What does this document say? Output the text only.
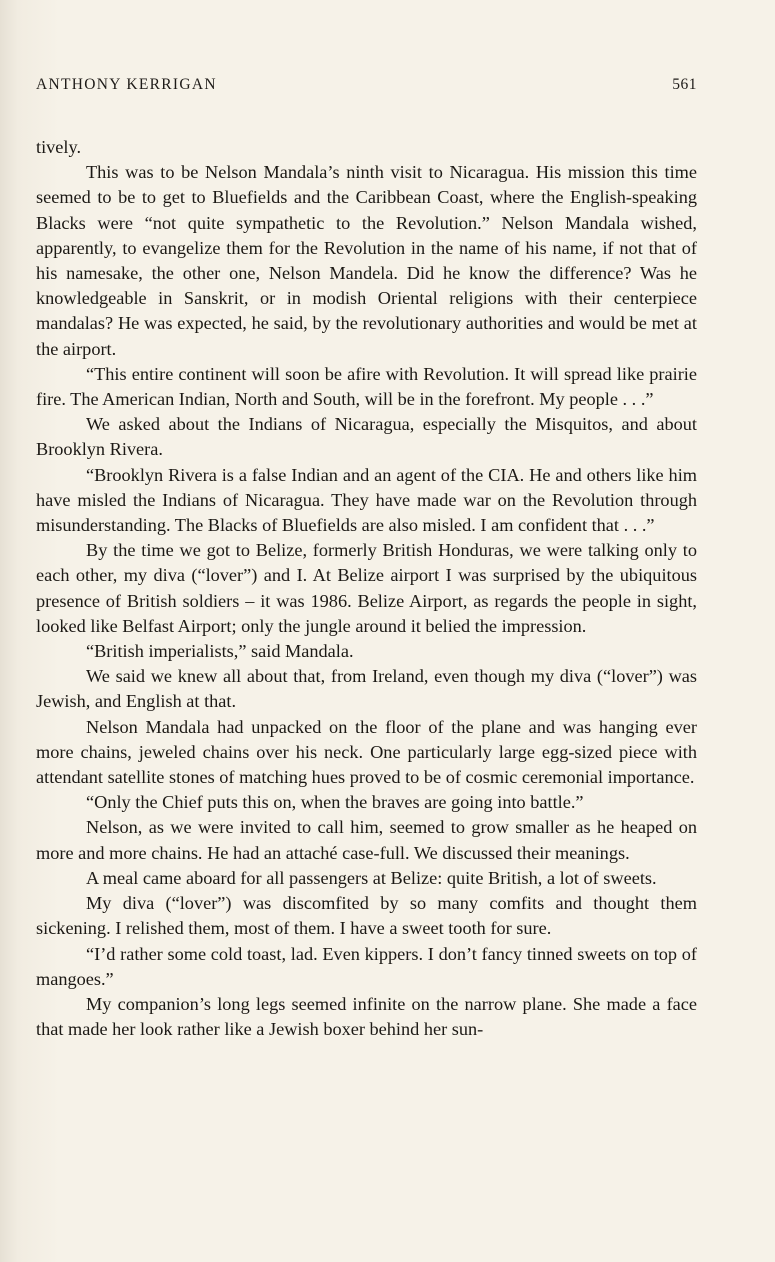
ANTHONY KERRIGAN	561

tively.

This was to be Nelson Mandala’s ninth visit to Nicaragua. His mission this time seemed to be to get to Bluefields and the Caribbean Coast, where the English-speaking Blacks were “not quite sympathetic to the Revolution.” Nelson Mandala wished, apparently, to evangelize them for the Revolution in the name of his name, if not that of his namesake, the other one, Nelson Mandela. Did he know the difference? Was he knowledgeable in Sanskrit, or in modish Oriental religions with their centerpiece mandalas? He was expected, he said, by the revolutionary authorities and would be met at the airport.

“This entire continent will soon be afire with Revolution. It will spread like prairie fire. The American Indian, North and South, will be in the forefront. My people . . .”

We asked about the Indians of Nicaragua, especially the Misquitos, and about Brooklyn Rivera.

“Brooklyn Rivera is a false Indian and an agent of the CIA. He and others like him have misled the Indians of Nicaragua. They have made war on the Revolution through misunderstanding. The Blacks of Bluefields are also misled. I am confident that . . .”

By the time we got to Belize, formerly British Honduras, we were talking only to each other, my diva (“lover”) and I. At Belize airport I was surprised by the ubiquitous presence of British soldiers – it was 1986. Belize Airport, as regards the people in sight, looked like Belfast Airport; only the jungle around it belied the impression.

“British imperialists,” said Mandala.

We said we knew all about that, from Ireland, even though my diva (“lover”) was Jewish, and English at that.

Nelson Mandala had unpacked on the floor of the plane and was hanging ever more chains, jeweled chains over his neck. One particularly large egg-sized piece with attendant satellite stones of matching hues proved to be of cosmic ceremonial importance.

“Only the Chief puts this on, when the braves are going into battle.”

Nelson, as we were invited to call him, seemed to grow smaller as he heaped on more and more chains. He had an attaché case-full. We discussed their meanings.

A meal came aboard for all passengers at Belize: quite British, a lot of sweets.

My diva (“lover”) was discomfited by so many comfits and thought them sickening. I relished them, most of them. I have a sweet tooth for sure.

“I’d rather some cold toast, lad. Even kippers. I don’t fancy tinned sweets on top of mangoes.”

My companion’s long legs seemed infinite on the narrow plane. She made a face that made her look rather like a Jewish boxer behind her sun-
